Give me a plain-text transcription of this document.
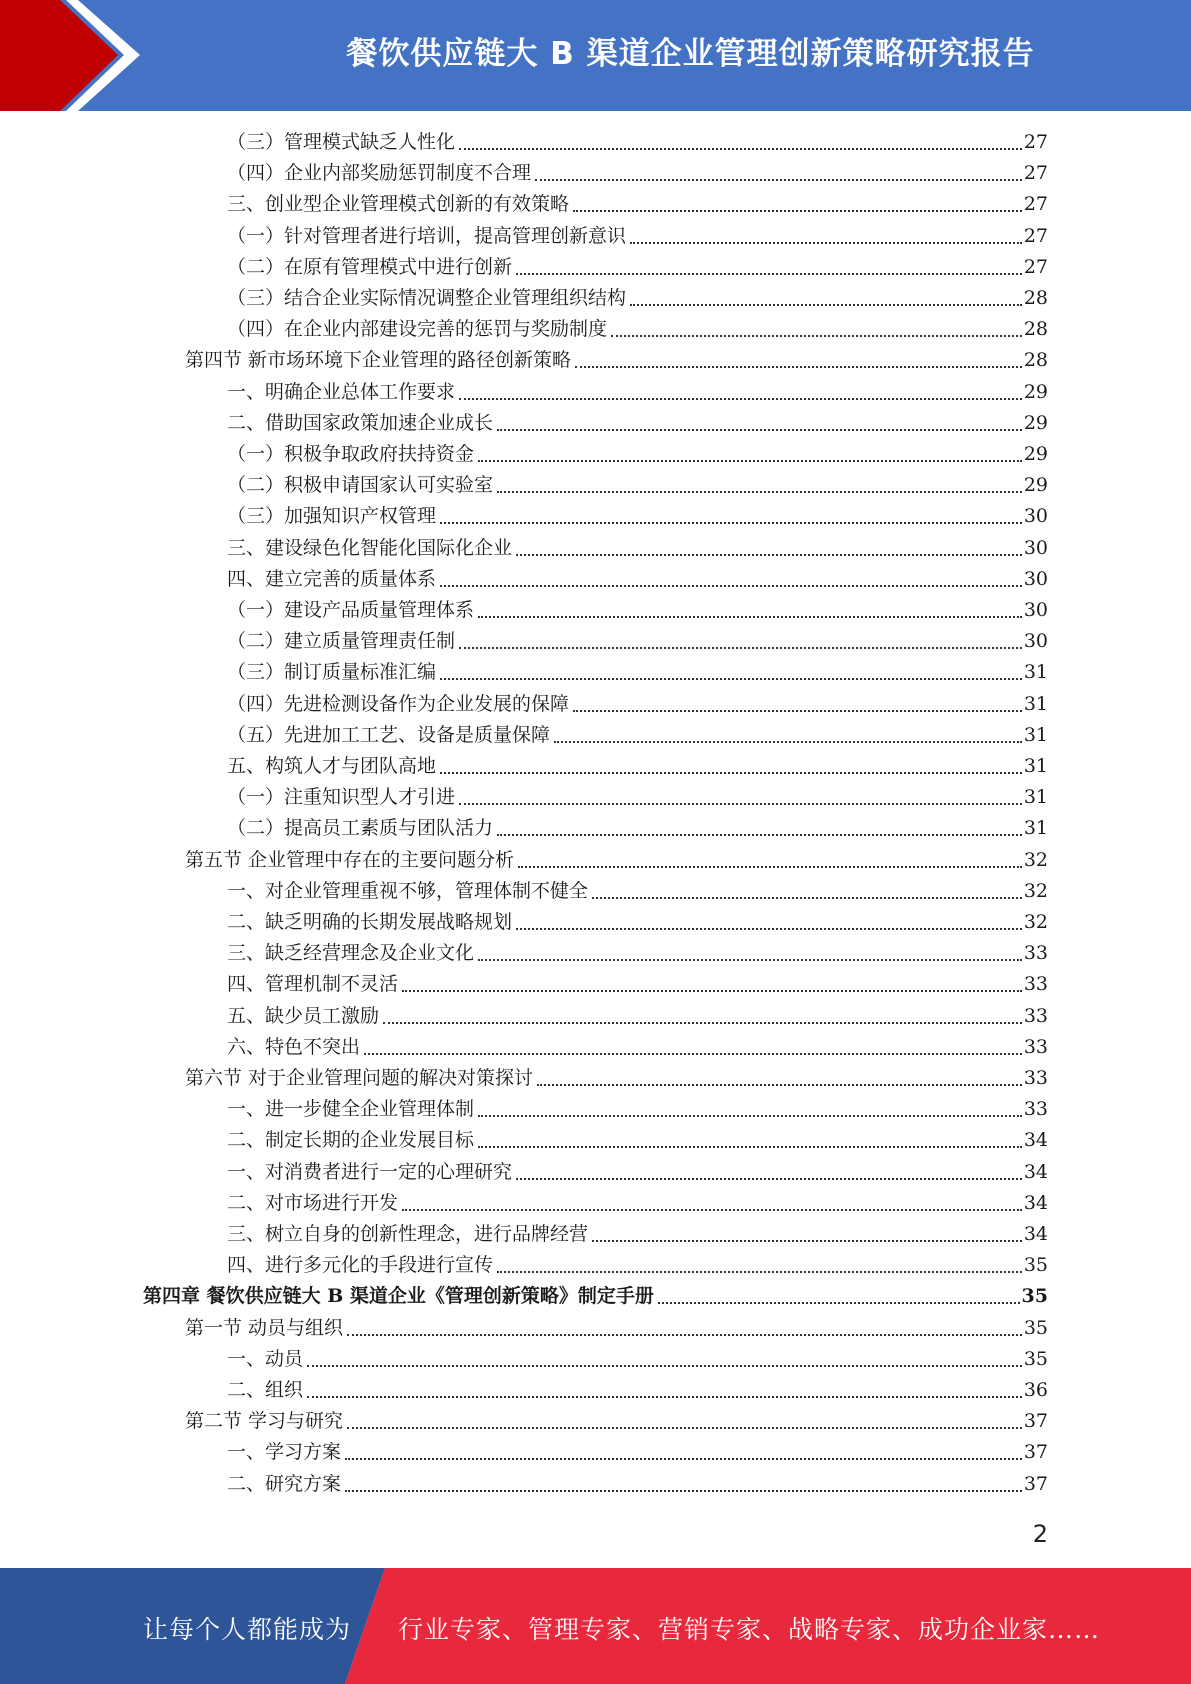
餐饮供应链大 B 渠道企业管理创新策略研究报告
（三）管理模式缺乏人性化	27
（四）企业内部奖励惩罚制度不合理	27
三、创业型企业管理模式创新的有效策略	27
（一）针对管理者进行培训，提高管理创新意识	27
（二）在原有管理模式中进行创新	27
（三）结合企业实际情况调整企业管理组织结构	28
（四）在企业内部建设完善的惩罚与奖励制度	28
第四节 新市场环境下企业管理的路径创新策略	28
一、明确企业总体工作要求	29
二、借助国家政策加速企业成长	29
（一）积极争取政府扶持资金	29
（二）积极申请国家认可实验室	29
（三）加强知识产权管理	30
三、建设绿色化智能化国际化企业	30
四、建立完善的质量体系	30
（一）建设产品质量管理体系	30
（二）建立质量管理责任制	30
（三）制订质量标准汇编	31
（四）先进检测设备作为企业发展的保障	31
（五）先进加工工艺、设备是质量保障	31
五、构筑人才与团队高地	31
（一）注重知识型人才引进	31
（二）提高员工素质与团队活力	31
第五节 企业管理中存在的主要问题分析	32
一、对企业管理重视不够，管理体制不健全	32
二、缺乏明确的长期发展战略规划	32
三、缺乏经营理念及企业文化	33
四、管理机制不灵活	33
五、缺少员工激励	33
六、特色不突出	33
第六节 对于企业管理问题的解决对策探讨	33
一、进一步健全企业管理体制	33
二、制定长期的企业发展目标	34
一、对消费者进行一定的心理研究	34
二、对市场进行开发	34
三、树立自身的创新性理念，进行品牌经营	34
四、进行多元化的手段进行宣传	35
第四章 餐饮供应链大 B 渠道企业《管理创新策略》制定手册	35
第一节 动员与组织	35
一、动员	35
二、组织	36
第二节 学习与研究	37
一、学习方案	37
二、研究方案	37
2
让每个人都能成为 行业专家、管理专家、营销专家、战略专家、成功企业家……
